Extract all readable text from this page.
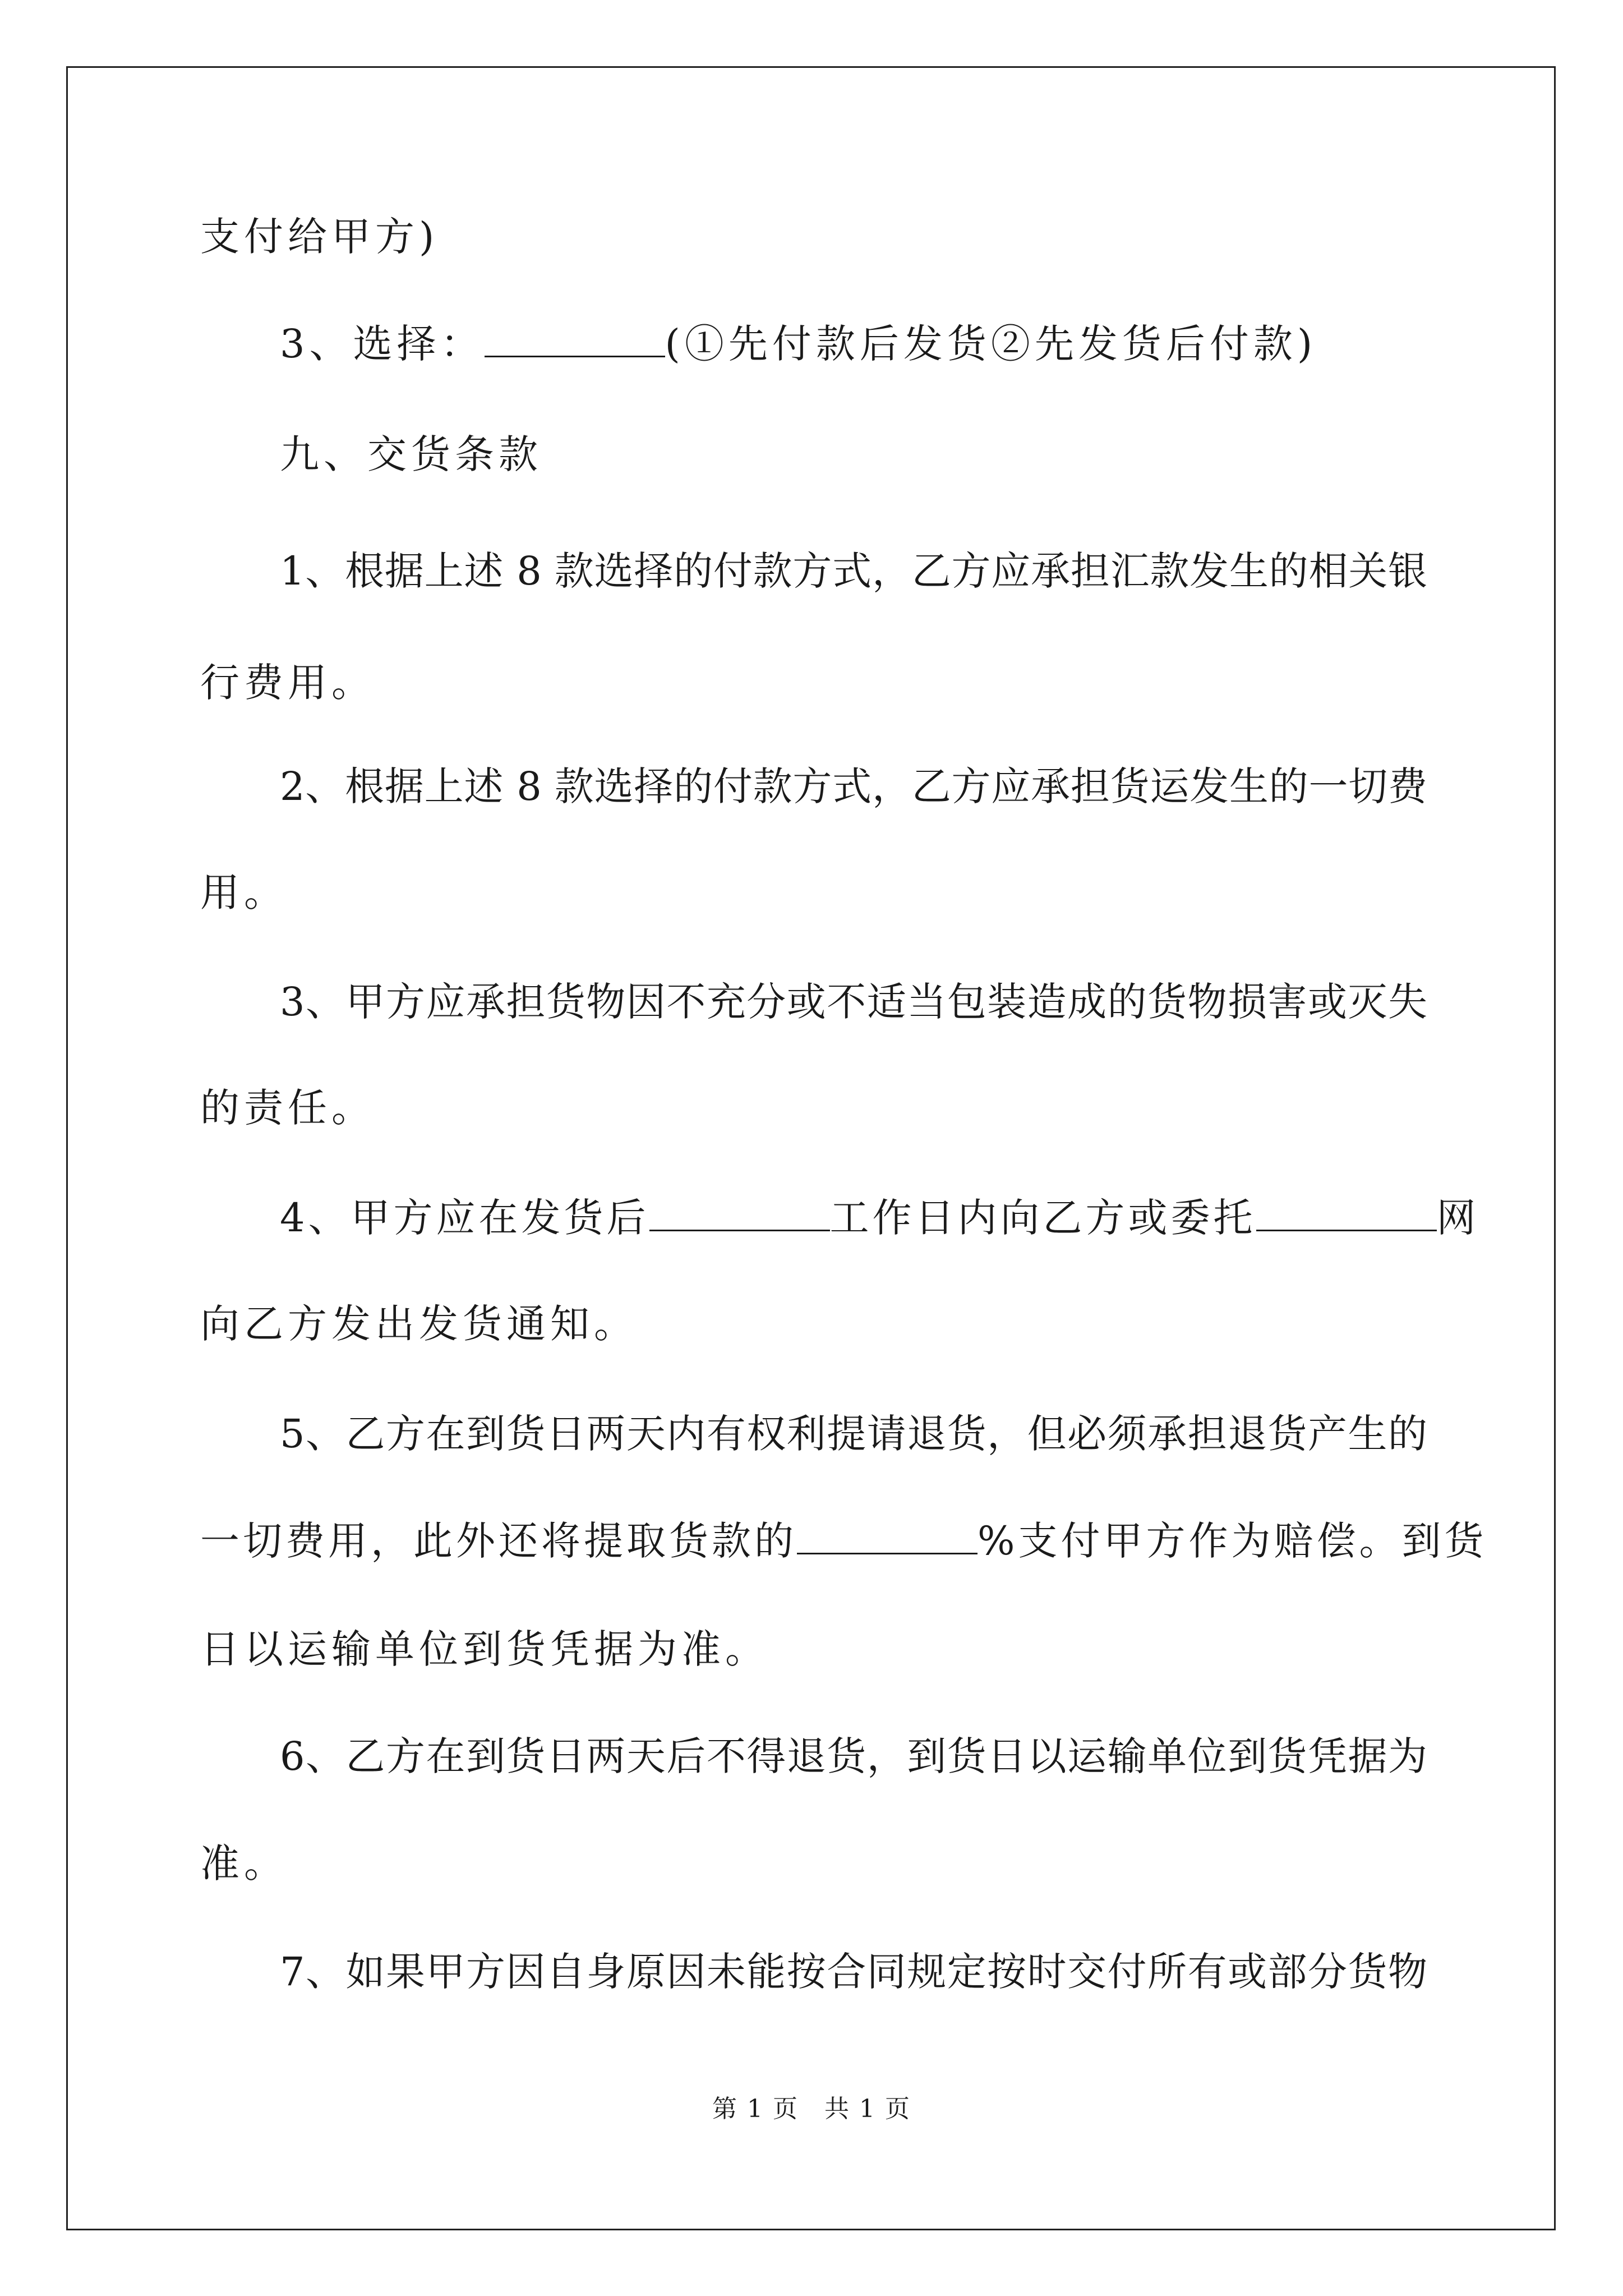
支付给甲方)
3、选择：	(①先付款后发货②先发货后付款)
九、交货条款
1、根据上述 8 款选择的付款方式，乙方应承担汇款发生的相关银
行费用。
2、根据上述 8 款选择的付款方式，乙方应承担货运发生的一切费
用。
3、甲方应承担货物因不充分或不适当包装造成的货物损害或灭失
的责任。
4、甲方应在发货后	工作日内向乙方或委托	网
向乙方发出发货通知。
5、乙方在到货日两天内有权利提请退货，但必须承担退货产生的
一切费用，此外还将提取货款的	%支付甲方作为赔偿。到货
日以运输单位到货凭据为准。
6、乙方在到货日两天后不得退货，到货日以运输单位到货凭据为
准。
7、如果甲方因自身原因未能按合同规定按时交付所有或部分货物
第 1 页　共 1 页
